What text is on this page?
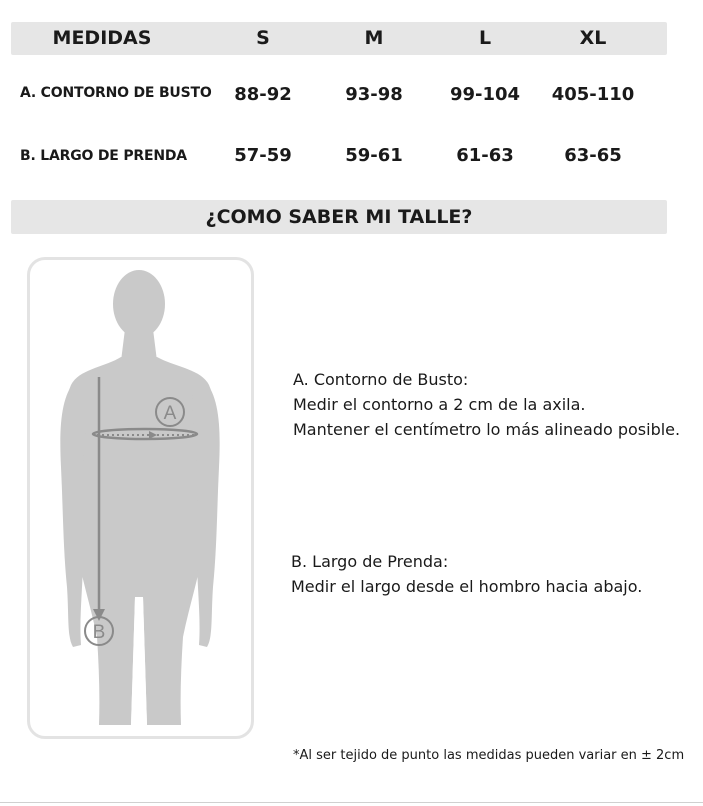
MEDIDAS	S	M	L	XL
A. CONTORNO DE BUSTO	88-92	93-98	99-104	405-110
B. LARGO DE PRENDA	57-59	59-61	61-63	63-65
¿COMO SABER MI TALLE?
A
B
A. Contorno de Busto:
Medir el contorno a 2 cm de la axila.
Mantener el centímetro lo más alineado posible.
B. Largo de Prenda:
Medir el largo desde el hombro hacia abajo.
*Al ser tejido de punto las medidas pueden variar en ± 2cm
